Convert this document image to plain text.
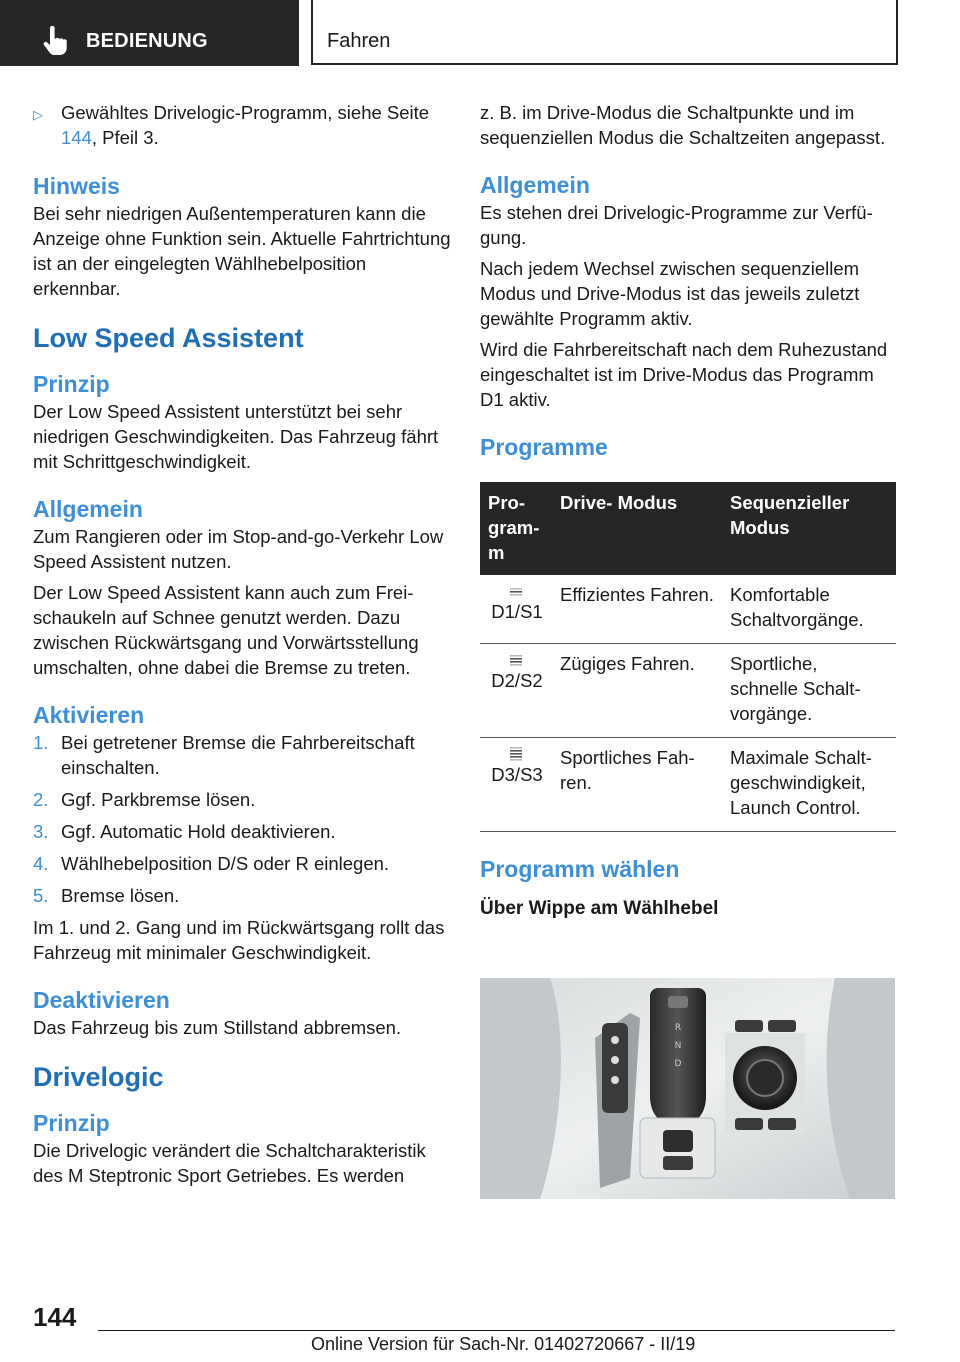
BEDIENUNG	Fahren
▷ Gewähltes Drivelogic-Programm, siehe Seite 144, Pfeil 3.
Hinweis

Bei sehr niedrigen Außentemperaturen kann die Anzeige ohne Funktion sein. Aktuelle Fahrtrichtung ist an der eingelegten Wählhebelposition erkennbar.

Low Speed Assistent
Prinzip

Der Low Speed Assistent unterstützt bei sehr niedrigen Geschwindigkeiten. Das Fahrzeug fährt mit Schrittgeschwindigkeit.

Allgemein

Zum Rangieren oder im Stop-and-go-Verkehr Low Speed Assistent nutzen.

Der Low Speed Assistent kann auch zum Freischaukeln auf Schnee genutzt werden. Dazu zwischen Rückwärtsgang und Vorwärtsstellung umschalten, ohne dabei die Bremse zu treten.

Aktivieren
1. Bei getretener Bremse die Fahrbereitschaft einschalten.
2. Ggf. Parkbremse lösen.
3. Ggf. Automatic Hold deaktivieren.
4. Wählhebelposition D/S oder R einlegen.
5. Bremse lösen.

Im 1. und 2. Gang und im Rückwärtsgang rollt das Fahrzeug mit minimaler Geschwindigkeit.

Deaktivieren

Das Fahrzeug bis zum Stillstand abbremsen.

Drivelogic
Prinzip

Die Drivelogic verändert die Schaltcharakteristik des M Steptronic Sport Getriebes. Es werden

z. B. im Drive-Modus die Schaltpunkte und im sequenziellen Modus die Schaltzeiten angepasst.

Allgemein

Es stehen drei Drivelogic-Programme zur Verfügung.

Nach jedem Wechsel zwischen sequenziellem Modus und Drive-Modus ist das jeweils zuletzt gewählte Programm aktiv.

Wird die Fahrbereitschaft nach dem Ruhezustand eingeschaltet ist im Drive-Modus das Programm D1 aktiv.

Programme
Programm	Drive- Modus	Sequenzieller Modus

D1/S1	Effizientes Fahren.	Komfortable Schaltvorgänge.

D2/S2	Zügiges Fahren.	Sportliche, schnelle Schaltvorgänge.

D3/S3	Sportliches Fahren.	Maximale Schaltgeschwindigkeit, Launch Control.
Programm wählen
Über Wippe am Wählhebel
R
N
D
144
Online Version für Sach-Nr. 01402720667 - II/19
